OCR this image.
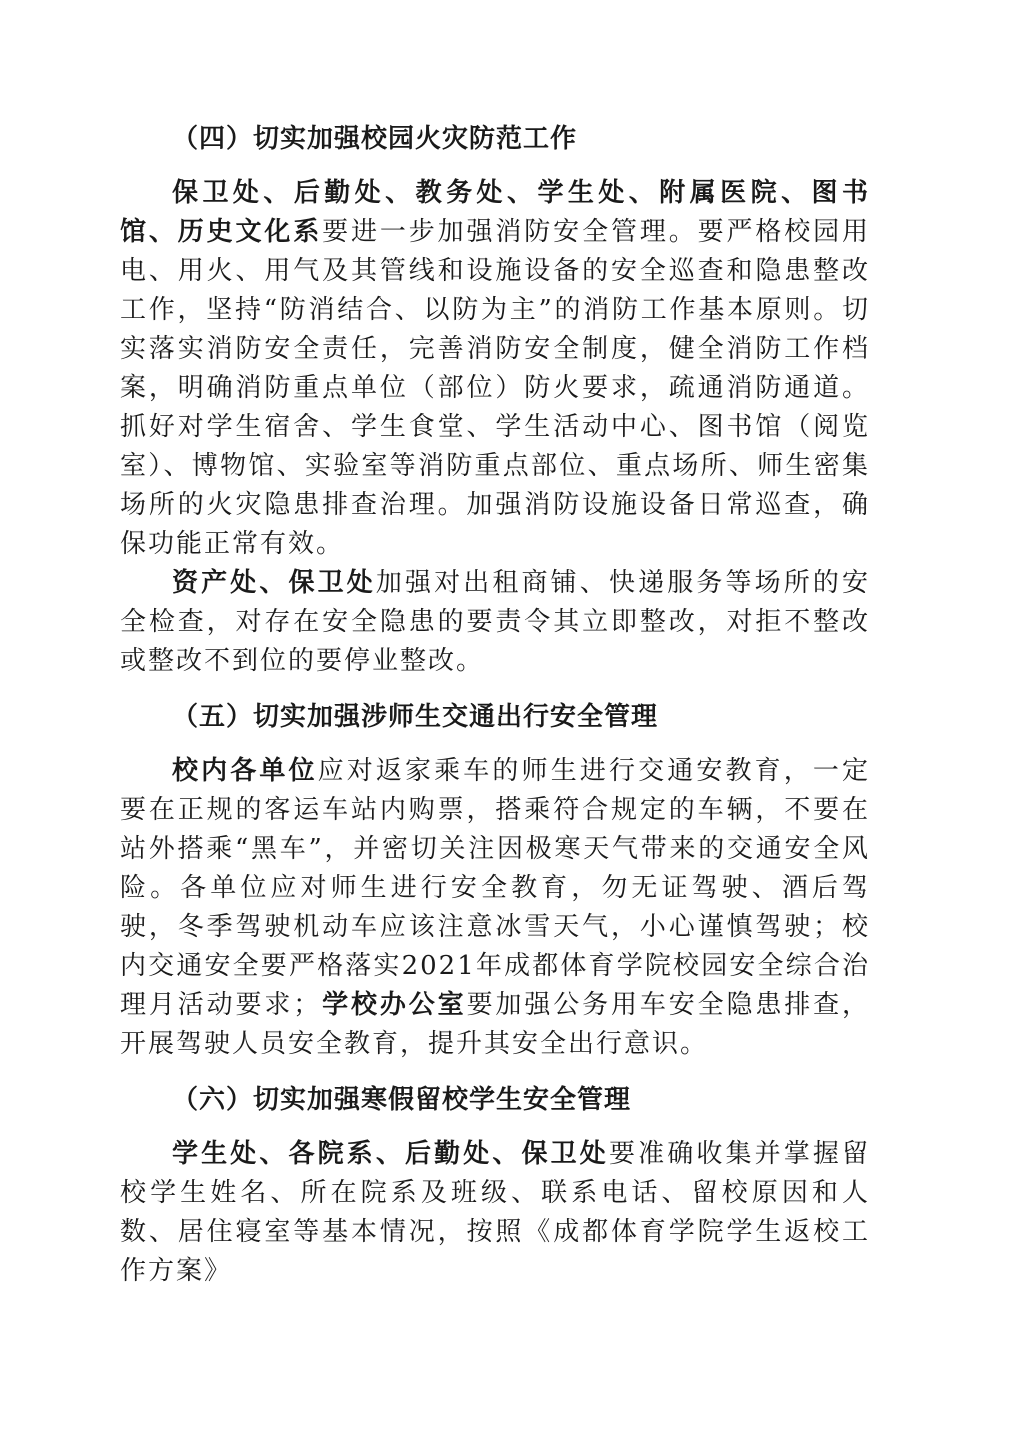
（四）切实加强校园火灾防范工作
保卫处、后勤处、教务处、学生处、附属医院、图书馆、历史文化系要进一步加强消防安全管理。要严格校园用电、用火、用气及其管线和设施设备的安全巡查和隐患整改工作，坚持“防消结合、以防为主”的消防工作基本原则。切实落实消防安全责任，完善消防安全制度，健全消防工作档案，明确消防重点单位（部位）防火要求，疏通消防通道。抓好对学生宿舍、学生食堂、学生活动中心、图书馆（阅览室）、博物馆、实验室等消防重点部位、重点场所、师生密集场所的火灾隐患排查治理。加强消防设施设备日常巡查，确保功能正常有效。
资产处、保卫处加强对出租商铺、快递服务等场所的安全检查，对存在安全隐患的要责令其立即整改，对拒不整改或整改不到位的要停业整改。
（五）切实加强涉师生交通出行安全管理
校内各单位应对返家乘车的师生进行交通安教育，一定要在正规的客运车站内购票，搭乘符合规定的车辆，不要在站外搭乘“黑车”，并密切关注因极寒天气带来的交通安全风险。各单位应对师生进行安全教育，勿无证驾驶、酒后驾驶，冬季驾驶机动车应该注意冰雪天气，小心谨慎驾驶；校内交通安全要严格落实2021年成都体育学院校园安全综合治理月活动要求；学校办公室要加强公务用车安全隐患排查，开展驾驶人员安全教育，提升其安全出行意识。
（六）切实加强寒假留校学生安全管理
学生处、各院系、后勤处、保卫处要准确收集并掌握留校学生姓名、所在院系及班级、联系电话、留校原因和人数、居住寝室等基本情况，按照《成都体育学院学生返校工作方案》
